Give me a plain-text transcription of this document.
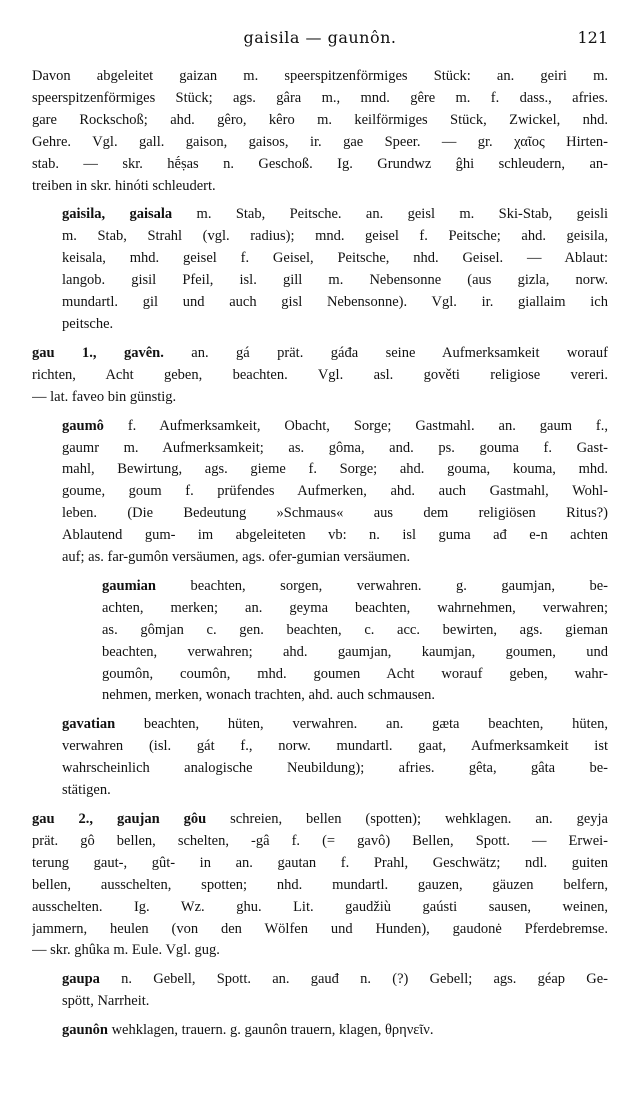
gaisila — gaunôn.	121
Davon abgeleitet gaizan m. speerspitzenförmiges Stück: an. geiri m.
speerspitzenförmiges Stück; ags. gâra m., mnd. gêre m. f. dass., afries.
gare Rockschoß; ahd. gêro, kêro m. keilförmiges Stück, Zwickel, nhd.
Gehre. Vgl. gall. gaison, gaisos, ir. gae Speer. — gr. χαῖος Hirten-
stab. — skr. hḗṣas n. Geschoß. Ig. Grundwz ĝhi schleudern, an-
treiben in skr. hinóti schleudert.
gaisila, gaisala m. Stab, Peitsche. an. geisl m. Ski-Stab, geisli
m. Stab, Strahl (vgl. radius); mnd. geisel f. Peitsche; ahd. geisila,
keisala, mhd. geisel f. Geisel, Peitsche, nhd. Geisel. — Ablaut:
langob. gisil Pfeil, isl. gill m. Nebensonne (aus gizla, norw.
mundartl. gil und auch gisl Nebensonne). Vgl. ir. giallaim ich
peitsche.
gau 1., gavên. an. gá prät. gáđa seine Aufmerksamkeit worauf
richten, Acht geben, beachten. Vgl. asl. gověti religiose vereri.
— lat. faveo bin günstig.
gaumô f. Aufmerksamkeit, Obacht, Sorge; Gastmahl. an. gaum f.,
gaumr m. Aufmerksamkeit; as. gôma, and. ps. gouma f. Gast-
mahl, Bewirtung, ags. gieme f. Sorge; ahd. gouma, kouma, mhd.
goume, goum f. prüfendes Aufmerken, ahd. auch Gastmahl, Wohl-
leben. (Die Bedeutung »Schmaus« aus dem religiösen Ritus?)
Ablautend gum- im abgeleiteten vb: n. isl guma ađ e-n achten
auf; as. far-gumôn versäumen, ags. ofer-gumian versäumen.
gaumian beachten, sorgen, verwahren. g. gaumjan, be-
achten, merken; an. geyma beachten, wahrnehmen, verwahren;
as. gômjan c. gen. beachten, c. acc. bewirten, ags. gieman
beachten, verwahren; ahd. gaumjan, kaumjan, goumen, und
goumôn, coumôn, mhd. goumen Acht worauf geben, wahr-
nehmen, merken, wonach trachten, ahd. auch schmausen.
gavatian beachten, hüten, verwahren. an. gæta beachten, hüten,
verwahren (isl. gát f., norw. mundartl. gaat, Aufmerksamkeit ist
wahrscheinlich analogische Neubildung); afries. gêta, gâta be-
stätigen.
gau 2., gaujan gôu schreien, bellen (spotten); wehklagen. an. geyja
prät. gô bellen, schelten, -gâ f. (= gavô) Bellen, Spott. — Erwei-
terung gaut-, gût- in an. gautan f. Prahl, Geschwätz; ndl. guiten
bellen, ausschelten, spotten; nhd. mundartl. gauzen, gäuzen belfern,
ausschelten. Ig. Wz. ghu. Lit. gaudžiù gaústi sausen, weinen,
jammern, heulen (von den Wölfen und Hunden), gaudonė Pferdebremse.
— skr. ghûka m. Eule. Vgl. gug.
gaupa n. Gebell, Spott. an. gauđ n. (?) Gebell; ags. géap Ge-
spött, Narrheit.
gaunôn wehklagen, trauern. g. gaunôn trauern, klagen, θρηνεῖν.
